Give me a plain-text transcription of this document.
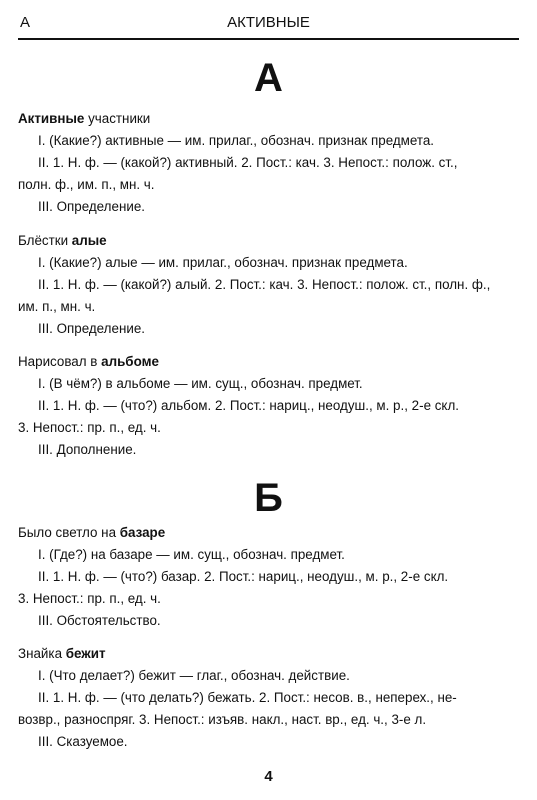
А	АКТИВНЫЕ
А
Активные участники
I. (Какие?) активные — им. прилаг., обознач. признак предмета.
II. 1. Н. ф. — (какой?) активный. 2. Пост.: кач. 3. Непост.: полож. ст.,
полн. ф., им. п., мн. ч.
III. Определение.
Блёстки алые
I. (Какие?) алые — им. прилаг., обознач. признак предмета.
II. 1. Н. ф. — (какой?) алый. 2. Пост.: кач. 3. Непост.: полож. ст., полн. ф.,
им. п., мн. ч.
III. Определение.
Нарисовал в альбоме
I. (В чём?) в альбоме — им. сущ., обознач. предмет.
II. 1. Н. ф. — (что?) альбом. 2. Пост.: нариц., неодуш., м. р., 2-е скл.
3. Непост.: пр. п., ед. ч.
III. Дополнение.
Б
Было светло на базаре
I. (Где?) на базаре — им. сущ., обознач. предмет.
II. 1. Н. ф. — (что?) базар. 2. Пост.: нариц., неодуш., м. р., 2-е скл.
3. Непост.: пр. п., ед. ч.
III. Обстоятельство.
Знайка бежит
I. (Что делает?) бежит — глаг., обознач. действие.
II. 1. Н. ф. — (что делать?) бежать. 2. Пост.: несов. в., неперех., не-
возвр., разноспряг. 3. Непост.: изъяв. накл., наст. вр., ед. ч., 3-е л.
III. Сказуемое.
4
